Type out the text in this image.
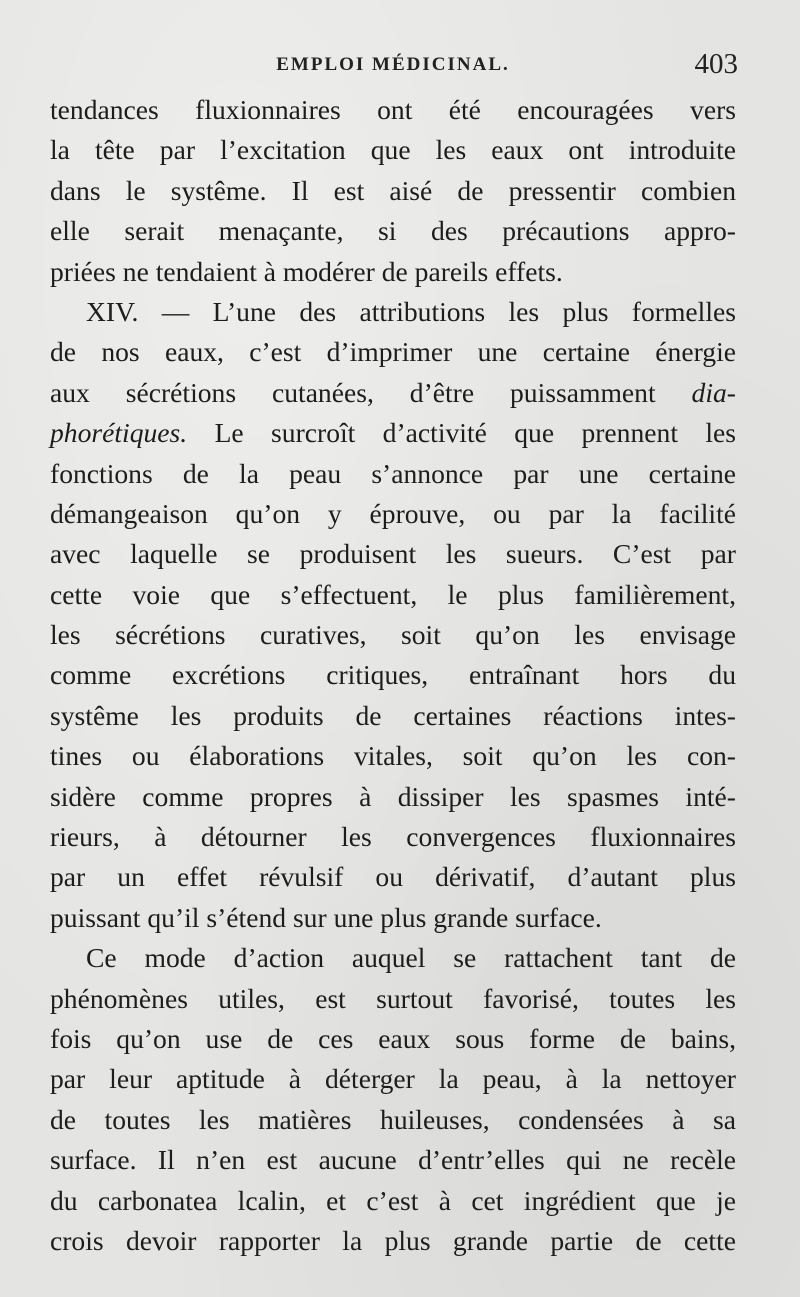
EMPLOI MÉDICINAL.	403
tendances fluxionnaires ont été encouragées vers
la tête par l’excitation que les eaux ont introduite
dans le systême. Il est aisé de pressentir combien
elle serait menaçante, si des précautions appro-
priées ne tendaient à modérer de pareils effets.
XIV. — L’une des attributions les plus formelles
de nos eaux, c’est d’imprimer une certaine énergie
aux sécrétions cutanées, d’être puissamment dia-
phorétiques. Le surcroît d’activité que prennent les
fonctions de la peau s’annonce par une certaine
démangeaison qu’on y éprouve, ou par la facilité
avec laquelle se produisent les sueurs. C’est par
cette voie que s’effectuent, le plus familièrement,
les sécrétions curatives, soit qu’on les envisage
comme excrétions critiques, entraînant hors du
systême les produits de certaines réactions intes-
tines ou élaborations vitales, soit qu’on les con-
sidère comme propres à dissiper les spasmes inté-
rieurs, à détourner les convergences fluxionnaires
par un effet révulsif ou dérivatif, d’autant plus
puissant qu’il s’étend sur une plus grande surface.
Ce mode d’action auquel se rattachent tant de
phénomènes utiles, est surtout favorisé, toutes les
fois qu’on use de ces eaux sous forme de bains,
par leur aptitude à déterger la peau, à la nettoyer
de toutes les matières huileuses, condensées à sa
surface. Il n’en est aucune d’entr’elles qui ne recèle
du carbonatea lcalin, et c’est à cet ingrédient que je
crois devoir rapporter la plus grande partie de cette
